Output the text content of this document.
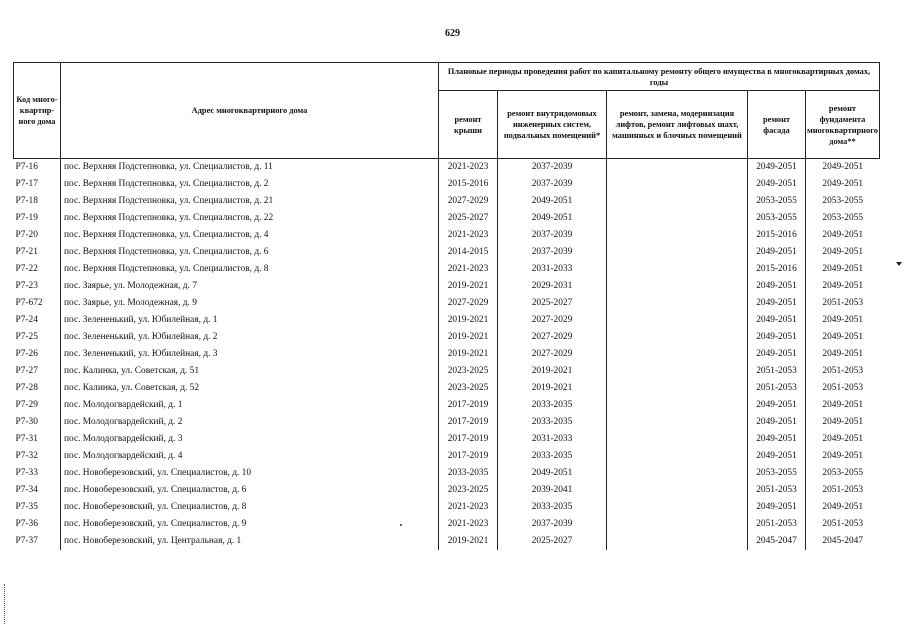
629
Код много-квартир-ного дома	Адрес многоквартирного дома	Плановые периоды проведения работ по капитальному ремонту общего имущества в многоквартирных домах, годы				
		ремонт крыши	ремонт внутридомовых инженерных систем, подвальных помещений*	ремонт, замена, модернизация лифтов, ремонт лифтовых шахт, машинных и блочных помещений	ремонт фасада	ремонт фундамента многоквартирного дома**
Р7-16	пос. Верхняя Подстепновка, ул. Специалистов, д. 11	2021-2023	2037-2039		2049-2051	2049-2051
Р7-17	пос. Верхняя Подстепновка, ул. Специалистов, д. 2	2015-2016	2037-2039		2049-2051	2049-2051
Р7-18	пос. Верхняя Подстепновка, ул. Специалистов, д. 21	2027-2029	2049-2051		2053-2055	2053-2055
Р7-19	пос. Верхняя Подстепновка, ул. Специалистов, д. 22	2025-2027	2049-2051		2053-2055	2053-2055
Р7-20	пос. Верхняя Подстепновка, ул. Специалистов, д. 4	2021-2023	2037-2039		2015-2016	2049-2051
Р7-21	пос. Верхняя Подстепновка, ул. Специалистов, д. 6	2014-2015	2037-2039		2049-2051	2049-2051
Р7-22	пос. Верхняя Подстепновка, ул. Специалистов, д. 8	2021-2023	2031-2033		2015-2016	2049-2051
Р7-23	пос. Заярье, ул. Молодежная, д. 7	2019-2021	2029-2031		2049-2051	2049-2051
Р7-672	пос. Заярье, ул. Молодежная, д. 9	2027-2029	2025-2027		2049-2051	2051-2053
Р7-24	пос. Зелененький, ул. Юбилейная, д. 1	2019-2021	2027-2029		2049-2051	2049-2051
Р7-25	пос. Зелененький, ул. Юбилейная, д. 2	2019-2021	2027-2029		2049-2051	2049-2051
Р7-26	пос. Зелененький, ул. Юбилейная, д. 3	2019-2021	2027-2029		2049-2051	2049-2051
Р7-27	пос. Калинка, ул. Советская, д. 51	2023-2025	2019-2021		2051-2053	2051-2053
Р7-28	пос. Калинка, ул. Советская, д. 52	2023-2025	2019-2021		2051-2053	2051-2053
Р7-29	пос. Молодогвардейский, д. 1	2017-2019	2033-2035		2049-2051	2049-2051
Р7-30	пос. Молодогвардейский, д. 2	2017-2019	2033-2035		2049-2051	2049-2051
Р7-31	пос. Молодогвардейский, д. 3	2017-2019	2031-2033		2049-2051	2049-2051
Р7-32	пос. Молодогвардейский, д. 4	2017-2019	2033-2035		2049-2051	2049-2051
Р7-33	пос. Новоберезовский, ул. Специалистов, д. 10	2033-2035	2049-2051		2053-2055	2053-2055
Р7-34	пос. Новоберезовский, ул. Специалистов, д. 6	2023-2025	2039-2041		2051-2053	2051-2053
Р7-35	пос. Новоберезовский, ул. Специалистов, д. 8	2021-2023	2033-2035		2049-2051	2049-2051
Р7-36	пос. Новоберезовский, ул. Специалистов, д. 9	2021-2023	2037-2039		2051-2053	2051-2053
Р7-37	пос. Новоберезовский, ул. Центральная, д. 1	2019-2021	2025-2027		2045-2047	2045-2047
